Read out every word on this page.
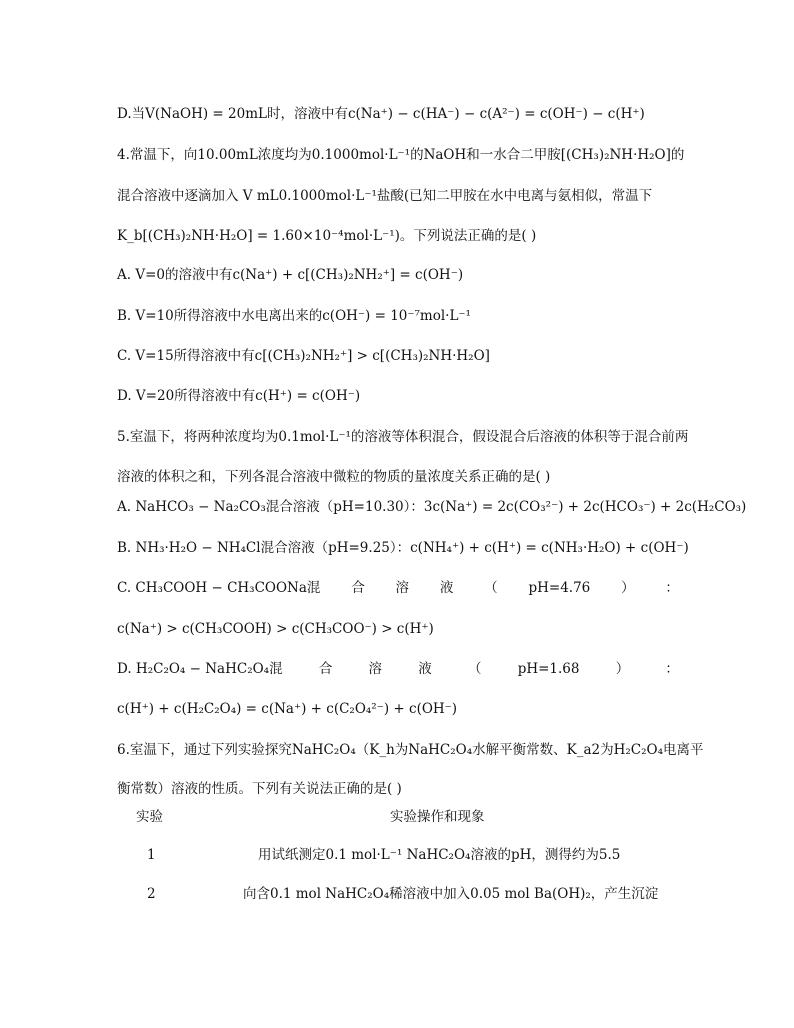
D.当V(NaOH) = 20mL时，溶液中有c(Na⁺) − c(HA⁻) − c(A²⁻) = c(OH⁻) − c(H⁺)
4.常温下，向10.00mL浓度均为0.1000mol·L⁻¹的NaOH和一水合二甲胺[(CH₃)₂NH·H₂O]的
混合溶液中逐滴加入 V mL0.1000mol·L⁻¹盐酸(已知二甲胺在水中电离与氨相似，常温下
K_b[(CH₃)₂NH·H₂O] = 1.60×10⁻⁴mol·L⁻¹)。下列说法正确的是( )
A. V=0的溶液中有c(Na⁺) + c[(CH₃)₂NH₂⁺] = c(OH⁻)
B. V=10所得溶液中水电离出来的c(OH⁻) = 10⁻⁷mol·L⁻¹
C. V=15所得溶液中有c[(CH₃)₂NH₂⁺] > c[(CH₃)₂NH·H₂O]
D. V=20所得溶液中有c(H⁺) = c(OH⁻)
5.室温下，将两种浓度均为0.1mol·L⁻¹的溶液等体积混合，假设混合后溶液的体积等于混合前两
溶液的体积之和，下列各混合溶液中微粒的物质的量浓度关系正确的是( )
A. NaHCO₃ − Na₂CO₃混合溶液（pH=10.30）：3c(Na⁺) = 2c(CO₃²⁻) + 2c(HCO₃⁻) + 2c(H₂CO₃)
B. NH₃·H₂O − NH₄Cl混合溶液（pH=9.25）：c(NH₄⁺) + c(H⁺) = c(NH₃·H₂O) + c(OH⁻)
C. CH₃COOH − CH₃COONa混 合 溶 液 （ pH=4.76 ） ：
c(Na⁺) > c(CH₃COOH) > c(CH₃COO⁻) > c(H⁺)
D. H₂C₂O₄ − NaHC₂O₄混	合	溶	液	（	pH=1.68	）	：
c(H⁺) + c(H₂C₂O₄) = c(Na⁺) + c(C₂O₄²⁻) + c(OH⁻)
6.室温下，通过下列实验探究NaHC₂O₄（K_h为NaHC₂O₄水解平衡常数、K_a2为H₂C₂O₄电离平
衡常数）溶液的性质。下列有关说法正确的是( )
实验	实验操作和现象
1	用试纸测定0.1 mol·L⁻¹ NaHC₂O₄溶液的pH，测得约为5.5
2	向含0.1 mol NaHC₂O₄稀溶液中加入0.05 mol Ba(OH)₂，产生沉淀
